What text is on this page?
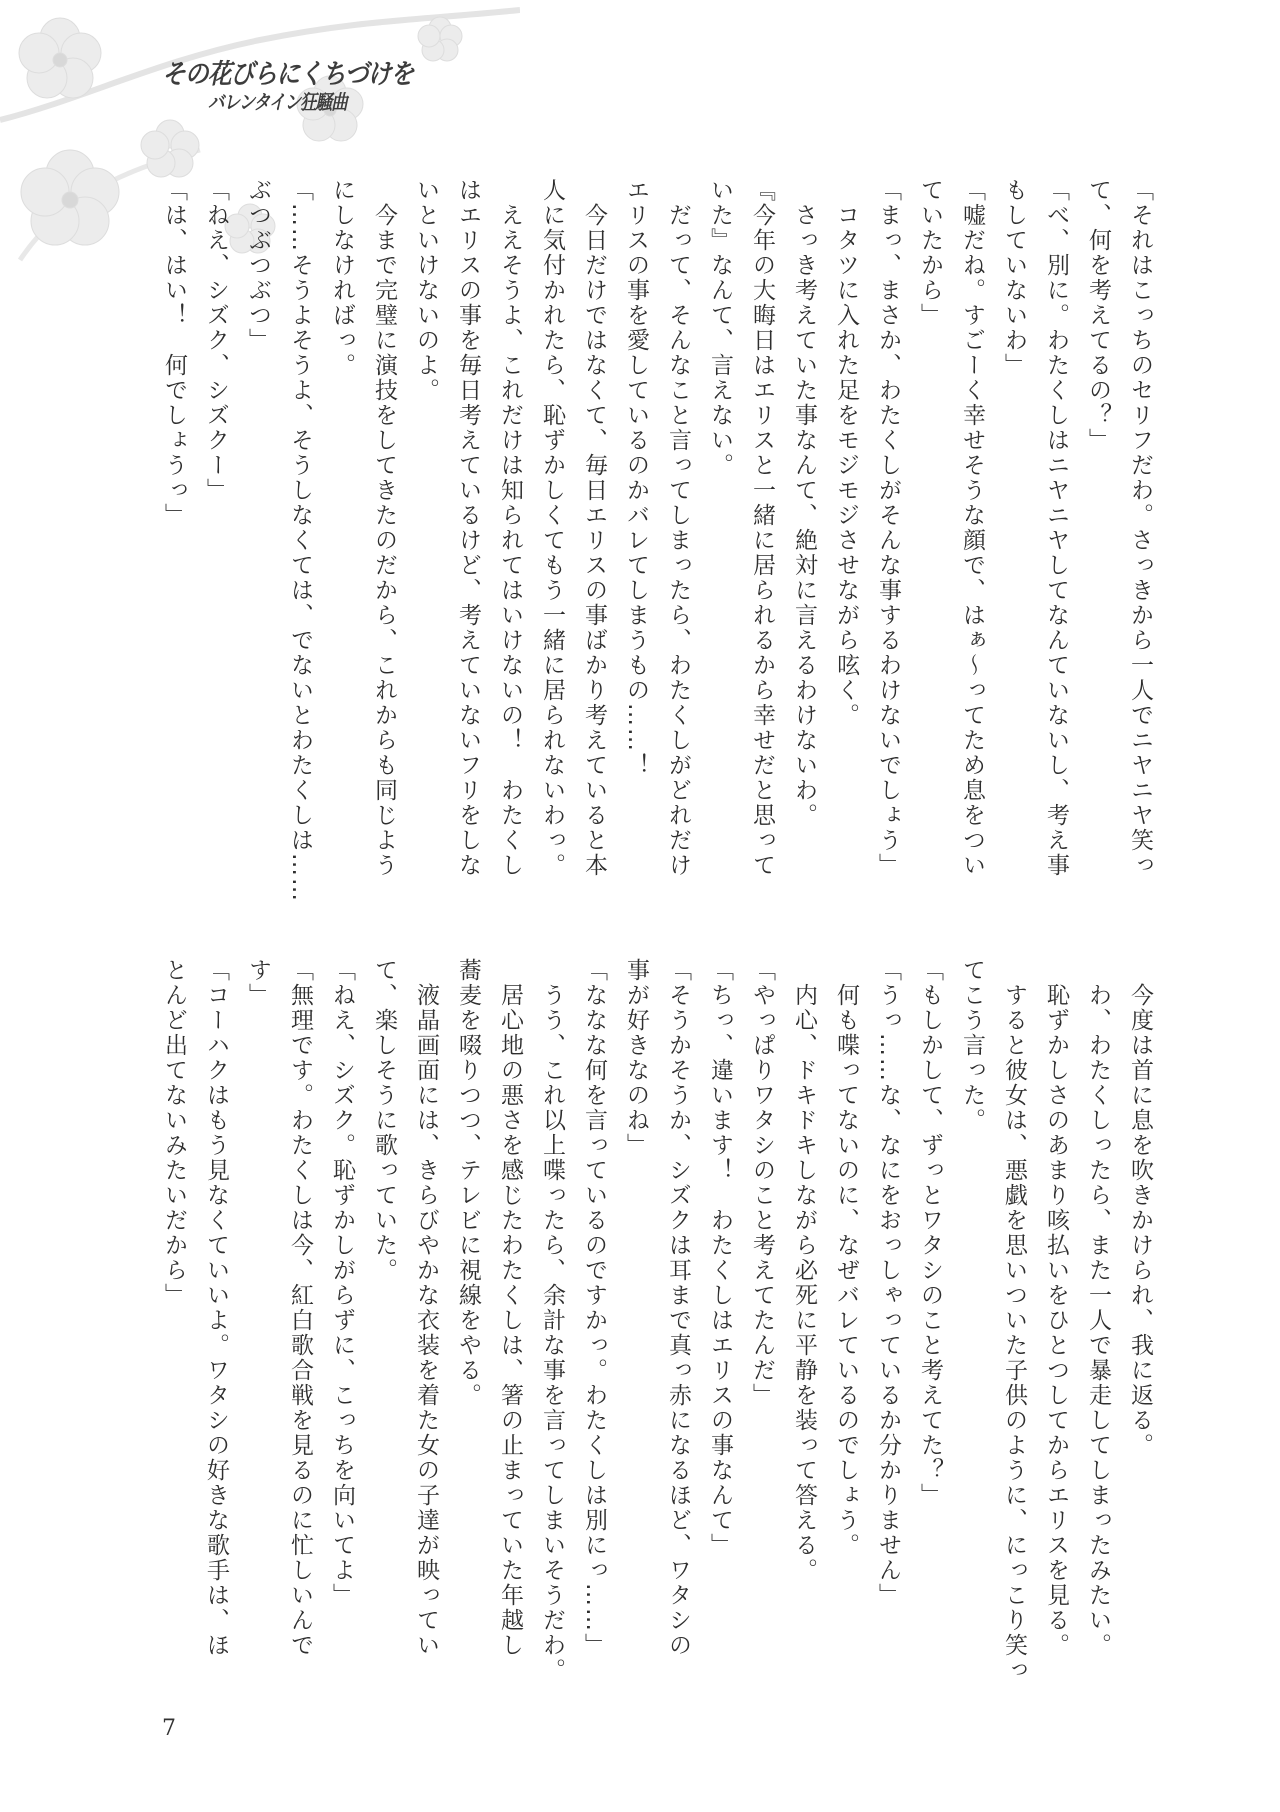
その花びらにくちづけを
バレンタイン狂騒曲
「それはこっちのセリフだわ。さっきから一人でニヤニヤ笑っ
て、何を考えてるの？」
「べ、別に。わたくしはニヤニヤしてなんていないし、考え事
もしていないわ」
「嘘だね。すごーく幸せそうな顔で、はぁ～ってため息をつい
ていたから」
「まっ、まさか、わたくしがそんな事するわけないでしょう」
　コタツに入れた足をモジモジさせながら呟く。
　さっき考えていた事なんて、絶対に言えるわけないわ。
『今年の大晦日はエリスと一緒に居られるから幸せだと思って
いた』なんて、言えない。
　だって、そんなこと言ってしまったら、わたくしがどれだけ
エリスの事を愛しているのかバレてしまうもの……！
　今日だけではなくて、毎日エリスの事ばかり考えていると本
人に気付かれたら、恥ずかしくてもう一緒に居られないわっ。
　ええそうよ、これだけは知られてはいけないの！　わたくし
はエリスの事を毎日考えているけど、考えていないフリをしな
いといけないのよ。
　今まで完璧に演技をしてきたのだから、これからも同じよう
にしなければっ。
「……そうよそうよ、そうしなくては、でないとわたくしは……
ぶつぶつぶつ」
「ねえ、シズク、シズクー」
「は、はい！　何でしょうっ」
　今度は首に息を吹きかけられ、我に返る。
　わ、わたくしったら、また一人で暴走してしまったみたい。
　恥ずかしさのあまり咳払いをひとつしてからエリスを見る。
　すると彼女は、悪戯を思いついた子供のように、にっこり笑っ
てこう言った。
「もしかして、ずっとワタシのこと考えてた？」
「うっ……な、なにをおっしゃっているか分かりません」
　何も喋ってないのに、なぜバレているのでしょう。
　内心、ドキドキしながら必死に平静を装って答える。
「やっぱりワタシのこと考えてたんだ」
「ちっ、違います！　わたくしはエリスの事なんて」
「そうかそうか、シズクは耳まで真っ赤になるほど、ワタシの
事が好きなのね」
「ななな何を言っているのですかっ。わたくしは別にっ……」
　うう、これ以上喋ったら、余計な事を言ってしまいそうだわ。
　居心地の悪さを感じたわたくしは、箸の止まっていた年越し
蕎麦を啜りつつ、テレビに視線をやる。
　液晶画面には、きらびやかな衣装を着た女の子達が映ってい
て、楽しそうに歌っていた。
「ねえ、シズク。恥ずかしがらずに、こっちを向いてよ」
「無理です。わたくしは今、紅白歌合戦を見るのに忙しいんで
す」
「コーハクはもう見なくていいよ。ワタシの好きな歌手は、ほ
とんど出てないみたいだから」
7
